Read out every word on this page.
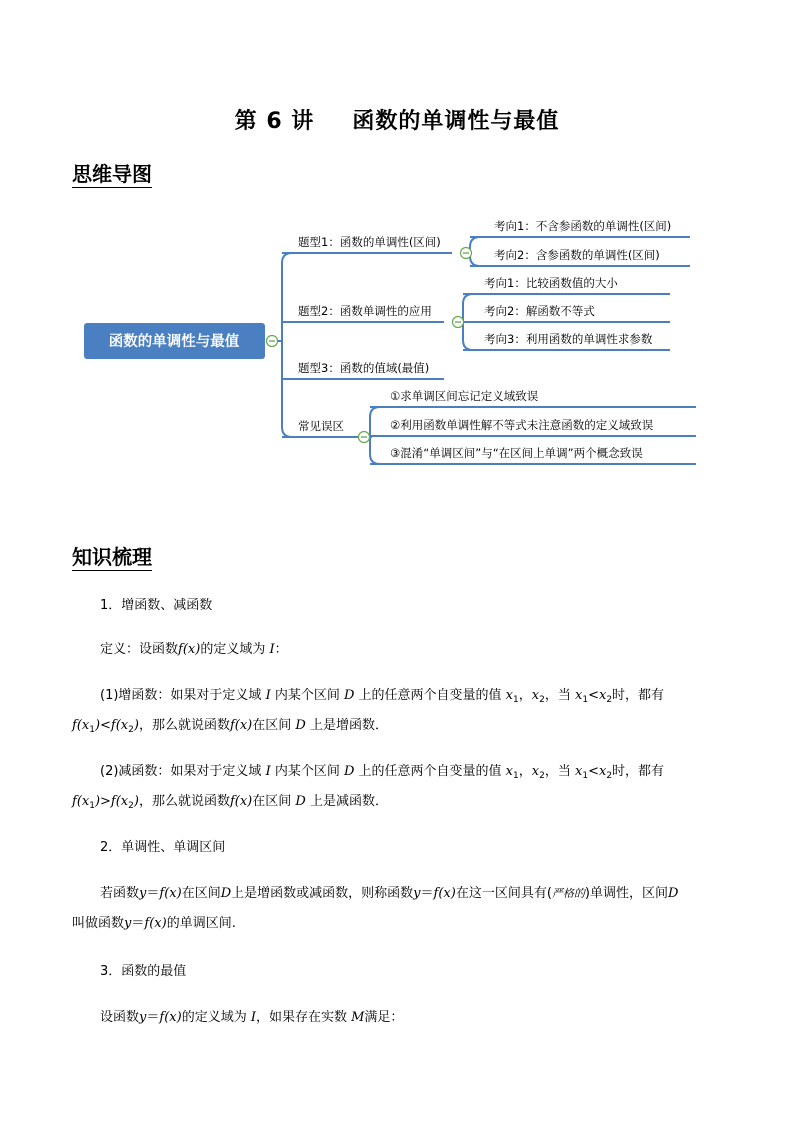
第 6 讲 函数的单调性与最值
思维导图
函数的单调性与最值
题型1：函数的单调性(区间)
考向1：不含参函数的单调性(区间)
考向2：含参函数的单调性(区间)
题型2：函数单调性的应用
考向1：比较函数值的大小
考向2：解函数不等式
考向3：利用函数的单调性求参数
题型3：函数的值域(最值)
常见误区
①求单调区间忘记定义域致误
②利用函数单调性解不等式未注意函数的定义域致误
③混淆“单调区间”与“在区间上单调”两个概念致误
知识梳理
1．增函数、减函数
定义：设函数f(x)的定义域为 I：
(1)增函数：如果对于定义域 I 内某个区间 D 上的任意两个自变量的值 $x_1$，$x_2$，当 $x_1<x_2$时，都有
$f(x_1)<f(x_2)$，那么就说函数f(x)在区间 D 上是增函数．
(2)减函数：如果对于定义域 I 内某个区间 D 上的任意两个自变量的值 $x_1$，$x_2$，当 $x_1<x_2$时，都有
$f(x_1)>f(x_2)$，那么就说函数f(x)在区间 D 上是减函数．
2．单调性、单调区间
若函数y＝f(x)在区间D上是增函数或减函数，则称函数y＝f(x)在这一区间具有(严格的)单调性，区间D
叫做函数y＝f(x)的单调区间.
3．函数的最值
设函数y＝f(x)的定义域为 I，如果存在实数 M满足：
